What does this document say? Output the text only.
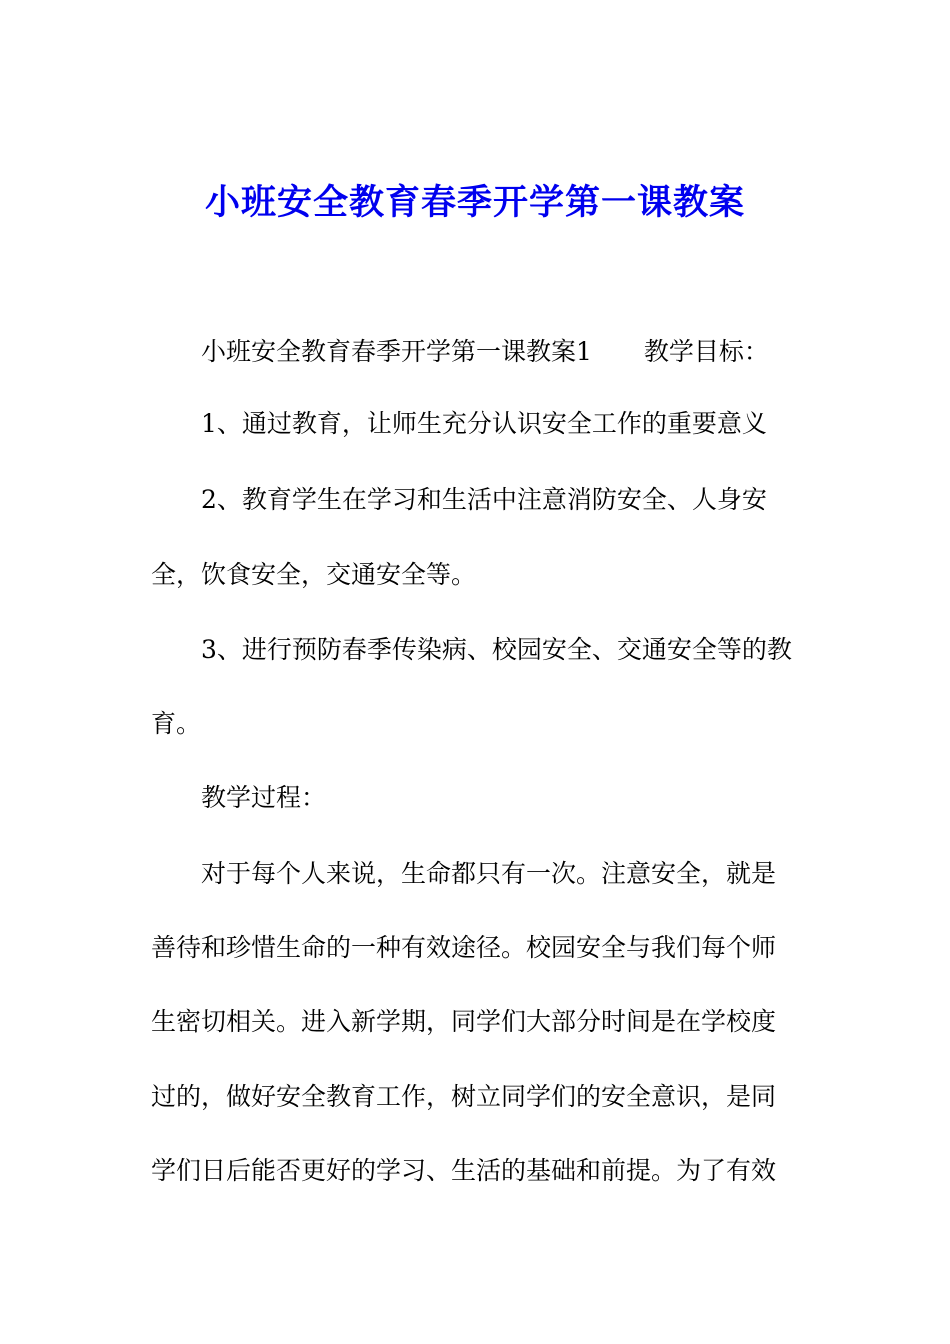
小班安全教育春季开学第一课教案
小班安全教育春季开学第一课教案1 教学目标：
1、通过教育，让师生充分认识安全工作的重要意义
2、教育学生在学习和生活中注意消防安全、人身安
全，饮食安全，交通安全等。
3、进行预防春季传染病、校园安全、交通安全等的教
育。
教学过程：
对于每个人来说，生命都只有一次。注意安全，就是
善待和珍惜生命的一种有效途径。校园安全与我们每个师
生密切相关。进入新学期，同学们大部分时间是在学校度
过的，做好安全教育工作，树立同学们的安全意识，是同
学们日后能否更好的学习、生活的基础和前提。为了有效
